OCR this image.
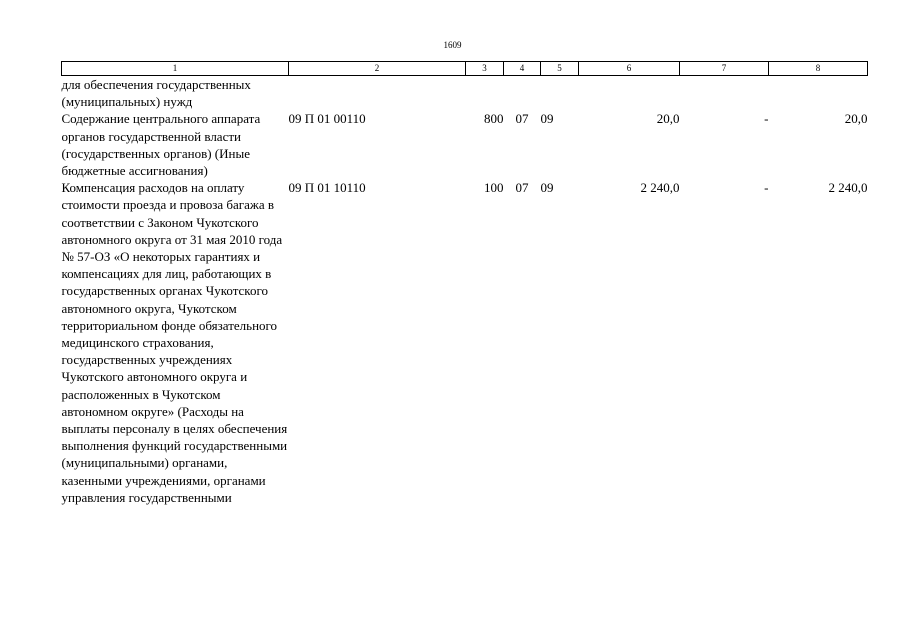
1609
1	2	3	4	5	6	7	8
для обеспечения государственных (муниципальных) нужд							
Содержание центрального аппарата органов государственной власти (государственных органов) (Иные бюджетные ассигнования)	09 П 01 00110	800	07	09	20,0	-	20,0
Компенсация расходов на оплату стоимости проезда и провоза багажа в соответствии с Законом Чукотского автономного округа от 31 мая 2010 года № 57-ОЗ «О некоторых гарантиях и компенсациях для лиц, работающих в государственных органах Чукотского автономного округа, Чукотском территориальном фонде обязательного медицинского страхования, государственных учреждениях Чукотского автономного округа и расположенных в Чукотском автономном округе» (Расходы на выплаты персоналу в целях обеспечения выполнения функций государственными (муниципальными) органами, казенными учреждениями, органами управления государственными	09 П 01 10110	100	07	09	2 240,0	-	2 240,0
